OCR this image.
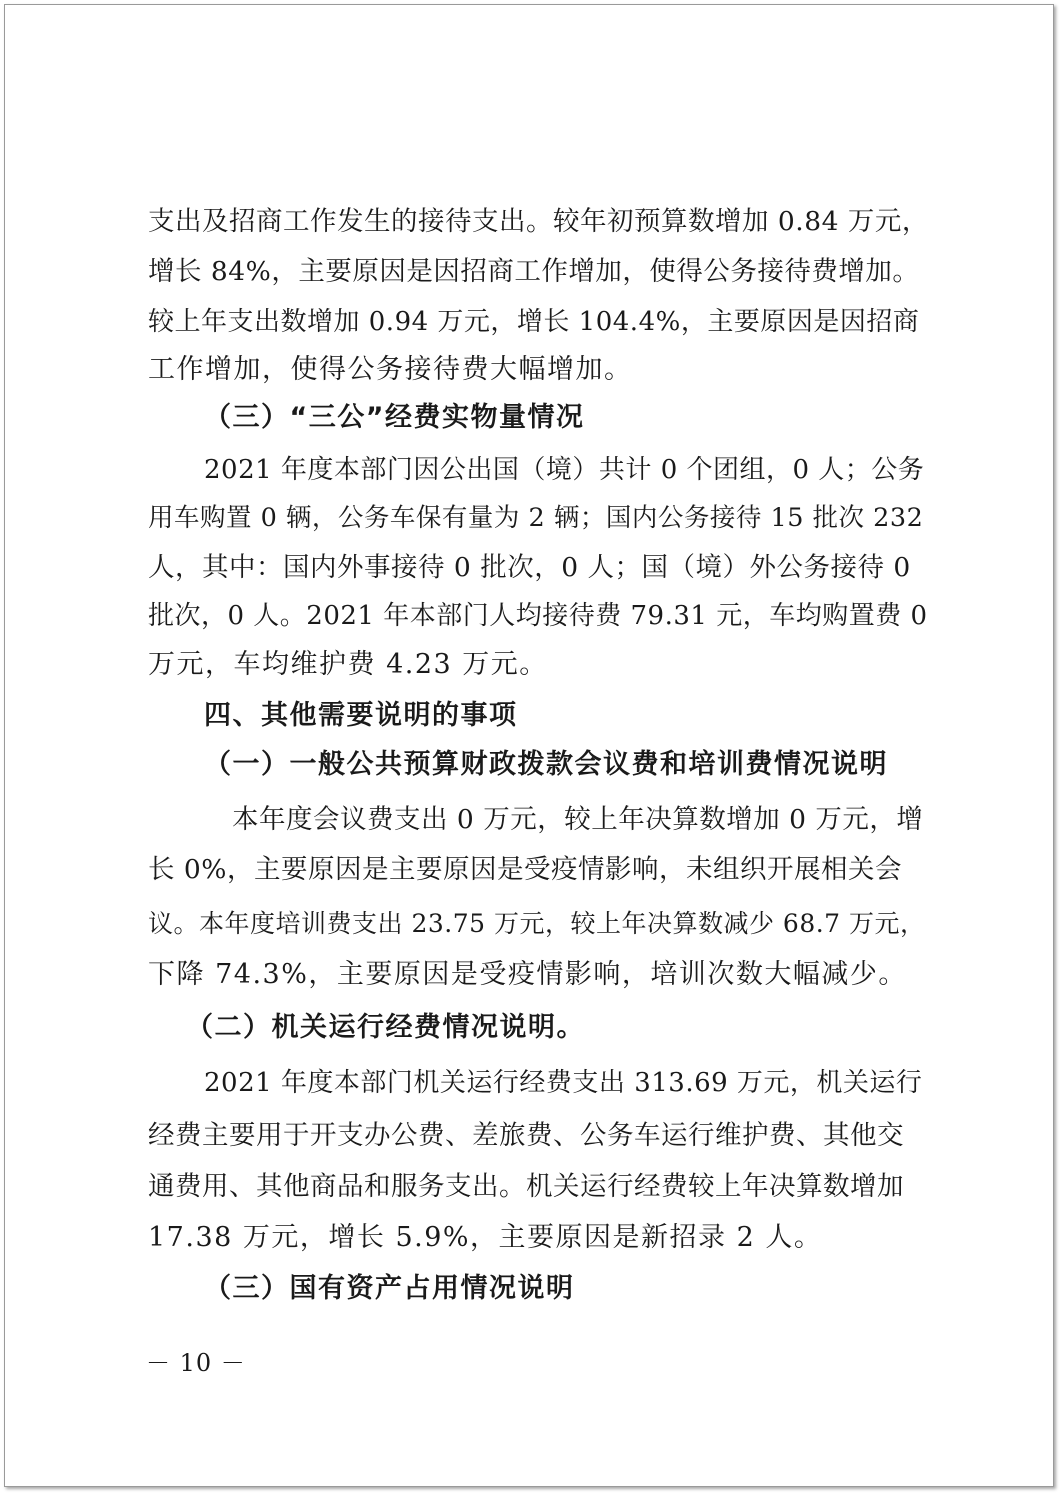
支出及招商工作发生的接待支出。较年初预算数增加 0.84 万元，
增长 84%，主要原因是因招商工作增加，使得公务接待费增加。
较上年支出数增加 0.94 万元，增长 104.4%，主要原因是因招商
工作增加，使得公务接待费大幅增加。
（三）“三公”经费实物量情况
2021 年度本部门因公出国（境）共计 0 个团组，0 人；公务
用车购置 0 辆，公务车保有量为 2 辆；国内公务接待 15 批次 232
人，其中：国内外事接待 0 批次，0 人；国（境）外公务接待 0
批次，0 人。2021 年本部门人均接待费 79.31 元，车均购置费 0
万元，车均维护费 4.23 万元。
四、其他需要说明的事项
（一）一般公共预算财政拨款会议费和培训费情况说明
本年度会议费支出 0 万元，较上年决算数增加 0 万元，增
长 0%，主要原因是主要原因是受疫情影响，未组织开展相关会
议。本年度培训费支出 23.75 万元，较上年决算数减少 68.7 万元，
下降 74.3%，主要原因是受疫情影响，培训次数大幅减少。
（二）机关运行经费情况说明。
2021 年度本部门机关运行经费支出 313.69 万元，机关运行
经费主要用于开支办公费、差旅费、公务车运行维护费、其他交
通费用、其他商品和服务支出。机关运行经费较上年决算数增加
17.38 万元，增长 5.9%，主要原因是新招录 2 人。
（三）国有资产占用情况说明
－ 10 －
